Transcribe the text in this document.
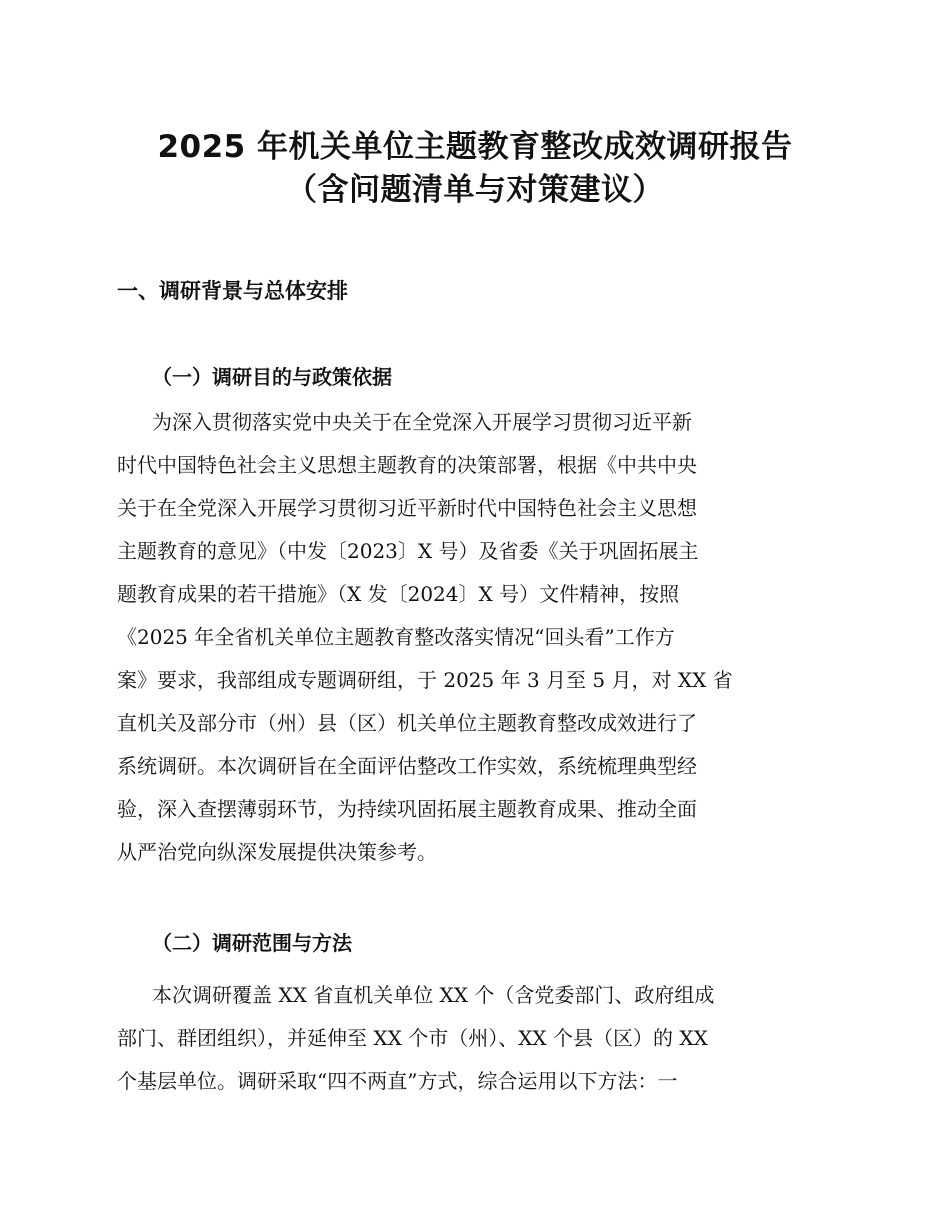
2025 年机关单位主题教育整改成效调研报告
（含问题清单与对策建议）
一、调研背景与总体安排
（一）调研目的与政策依据
为深入贯彻落实党中央关于在全党深入开展学习贯彻习近平新
时代中国特色社会主义思想主题教育的决策部署，根据《中共中央
关于在全党深入开展学习贯彻习近平新时代中国特色社会主义思想
主题教育的意见》（中发〔2023〕X 号）及省委《关于巩固拓展主
题教育成果的若干措施》（X 发〔2024〕X 号）文件精神，按照
《2025 年全省机关单位主题教育整改落实情况“回头看”工作方
案》要求，我部组成专题调研组，于 2025 年 3 月至 5 月，对 XX 省
直机关及部分市（州）县（区）机关单位主题教育整改成效进行了
系统调研。本次调研旨在全面评估整改工作实效，系统梳理典型经
验，深入查摆薄弱环节，为持续巩固拓展主题教育成果、推动全面
从严治党向纵深发展提供决策参考。
（二）调研范围与方法
本次调研覆盖 XX 省直机关单位 XX 个（含党委部门、政府组成
部门、群团组织），并延伸至 XX 个市（州）、XX 个县（区）的 XX
个基层单位。调研采取“四不两直”方式，综合运用以下方法：一
